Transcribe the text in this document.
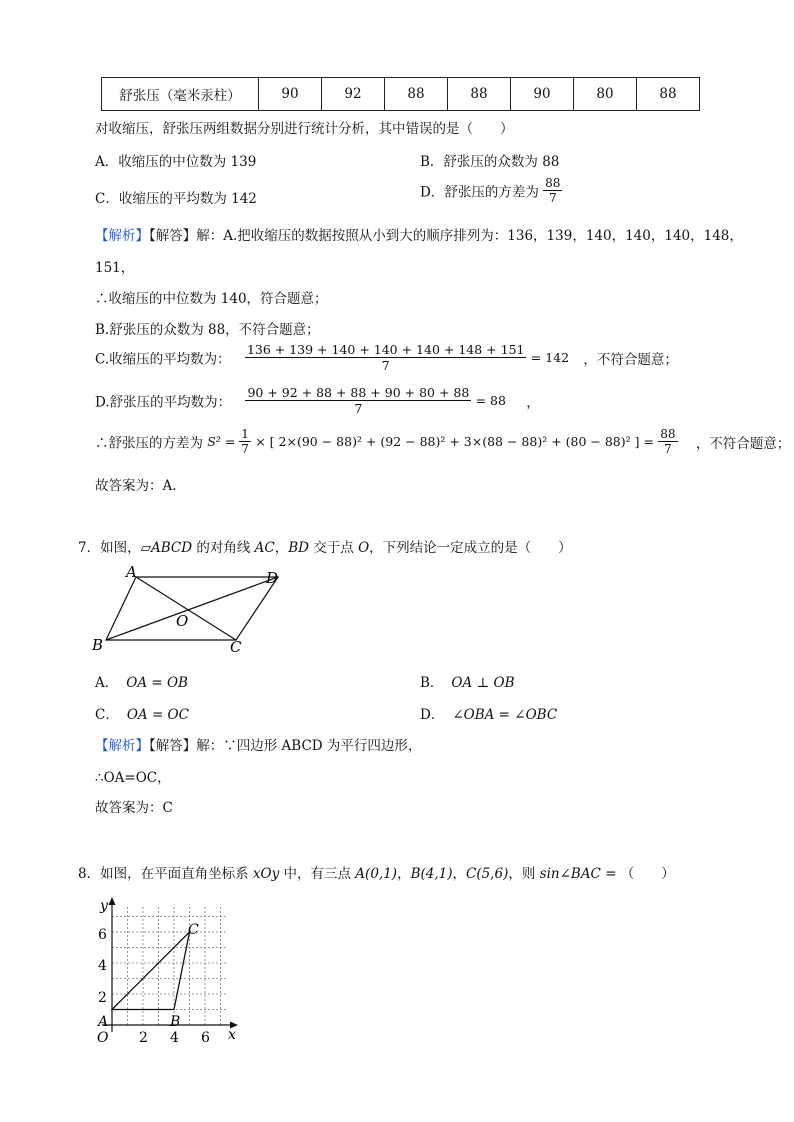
舒张压（毫米汞柱）	90	92	88	88	90	80	88
对收缩压，舒张压两组数据分别进行统计分析，其中错误的是（　　）
A．收缩压的中位数为 139	B．舒张压的众数为 88
C．收缩压的平均数为 142	D．舒张压的方差为 $\frac{88}{7}$
【解析】【解答】解：A.把收缩压的数据按照从小到大的顺序排列为：136，139，140，140，140，148，
151，
∴收缩压的中位数为 140，符合题意；
B.舒张压的众数为 88，不符合题意；
C.收缩压的平均数为： $\frac{136 + 139 + 140 + 140 + 140 + 148 + 151}{7} = 142$ ，不符合题意；
D.舒张压的平均数为： $\frac{90 + 92 + 88 + 88 + 90 + 80 + 88}{7} = 88$ ，
∴舒张压的方差为 $S^2 = \frac{1}{7}$ × [ 2×(90 − 88)² + (92 − 88)² + 3×(88 − 88)² + (80 − 88)² ] = $\frac{88}{7}$ ，不符合题意；
故答案为：A.
7．如图，▱ABCD 的对角线 AC，BD 交于点 O，下列结论一定成立的是（　　）
A	D
B	C
O
A． OA = OB	B． OA ⊥ OB
C． OA = OC	D． ∠OBA = ∠OBC
【解析】【解答】解：∵四边形 ABCD 为平行四边形，
∴OA=OC，
故答案为：C
8．如图，在平面直角坐标系 xOy 中，有三点 A(0,1)，B(4,1)，C(5,6)，则 sin∠BAC = （　　）
y
x
O
6
4
2
2 4 6
A	B
C
